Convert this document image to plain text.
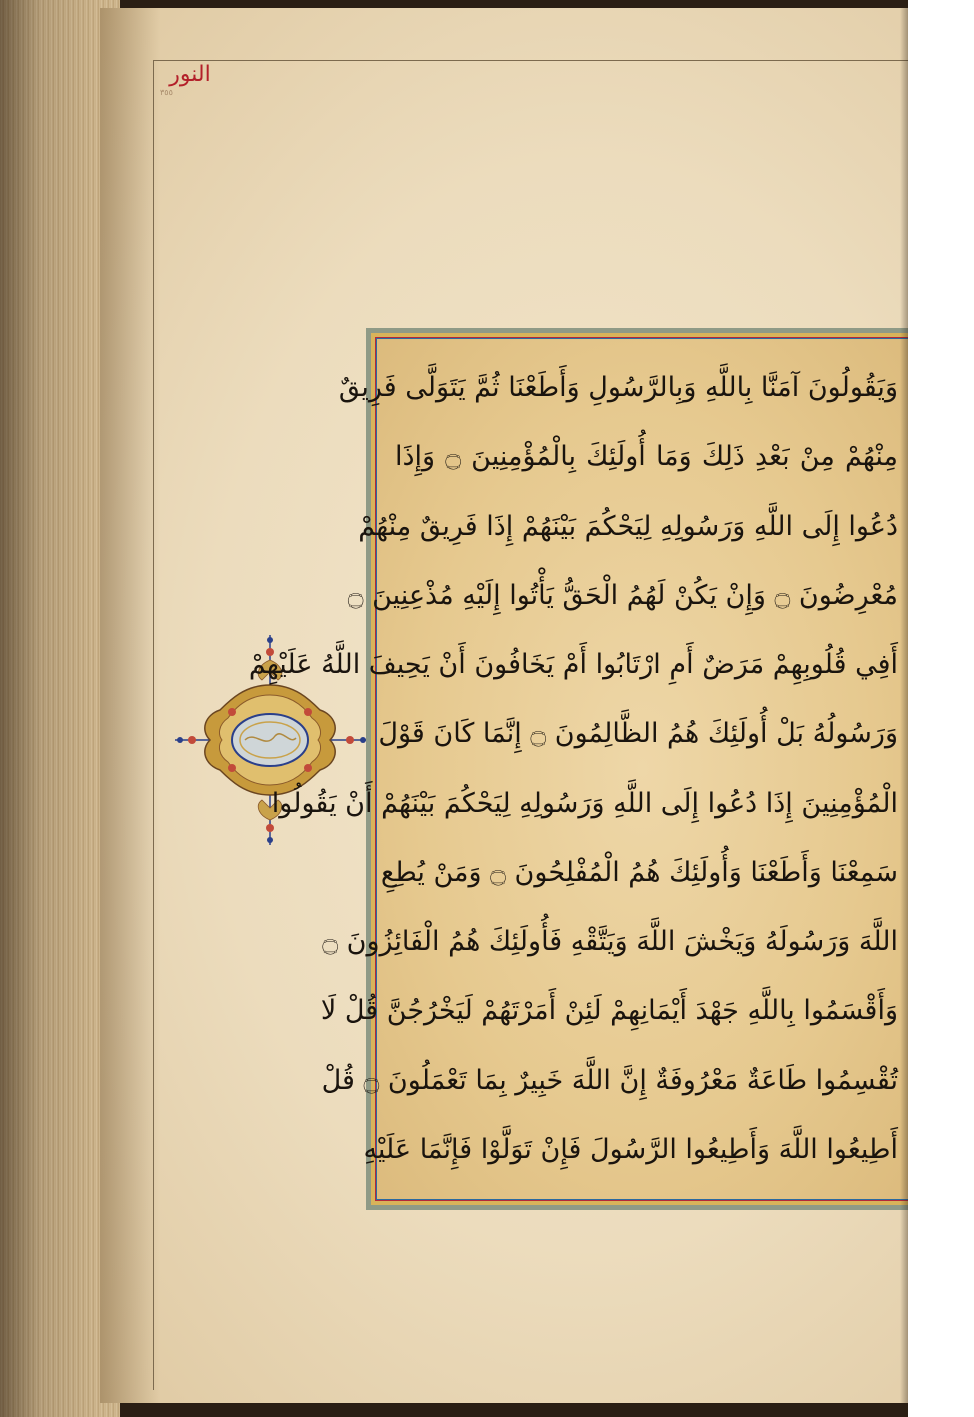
النور
٣٥٥
وَيَقُولُونَ آمَنَّا بِاللَّهِ وَبِالرَّسُولِ وَأَطَعْنَا ثُمَّ يَتَوَلَّى فَرِيقٌ
مِنْهُمْ مِنْ بَعْدِ ذَلِكَ وَمَا أُولَئِكَ بِالْمُؤْمِنِينَ ۝ وَإِذَا
دُعُوا إِلَى اللَّهِ وَرَسُولِهِ لِيَحْكُمَ بَيْنَهُمْ إِذَا فَرِيقٌ مِنْهُمْ
مُعْرِضُونَ ۝ وَإِنْ يَكُنْ لَهُمُ الْحَقُّ يَأْتُوا إِلَيْهِ مُذْعِنِينَ ۝
أَفِي قُلُوبِهِمْ مَرَضٌ أَمِ ارْتَابُوا أَمْ يَخَافُونَ أَنْ يَحِيفَ اللَّهُ عَلَيْهِمْ
وَرَسُولُهُ بَلْ أُولَئِكَ هُمُ الظَّالِمُونَ ۝ إِنَّمَا كَانَ قَوْلَ
الْمُؤْمِنِينَ إِذَا دُعُوا إِلَى اللَّهِ وَرَسُولِهِ لِيَحْكُمَ بَيْنَهُمْ أَنْ يَقُولُوا
سَمِعْنَا وَأَطَعْنَا وَأُولَئِكَ هُمُ الْمُفْلِحُونَ ۝ وَمَنْ يُطِعِ
اللَّهَ وَرَسُولَهُ وَيَخْشَ اللَّهَ وَيَتَّقْهِ فَأُولَئِكَ هُمُ الْفَائِزُونَ ۝
وَأَقْسَمُوا بِاللَّهِ جَهْدَ أَيْمَانِهِمْ لَئِنْ أَمَرْتَهُمْ لَيَخْرُجُنَّ قُلْ لَا
تُقْسِمُوا طَاعَةٌ مَعْرُوفَةٌ إِنَّ اللَّهَ خَبِيرٌ بِمَا تَعْمَلُونَ ۝ قُلْ
أَطِيعُوا اللَّهَ وَأَطِيعُوا الرَّسُولَ فَإِنْ تَوَلَّوْا فَإِنَّمَا عَلَيْهِ
